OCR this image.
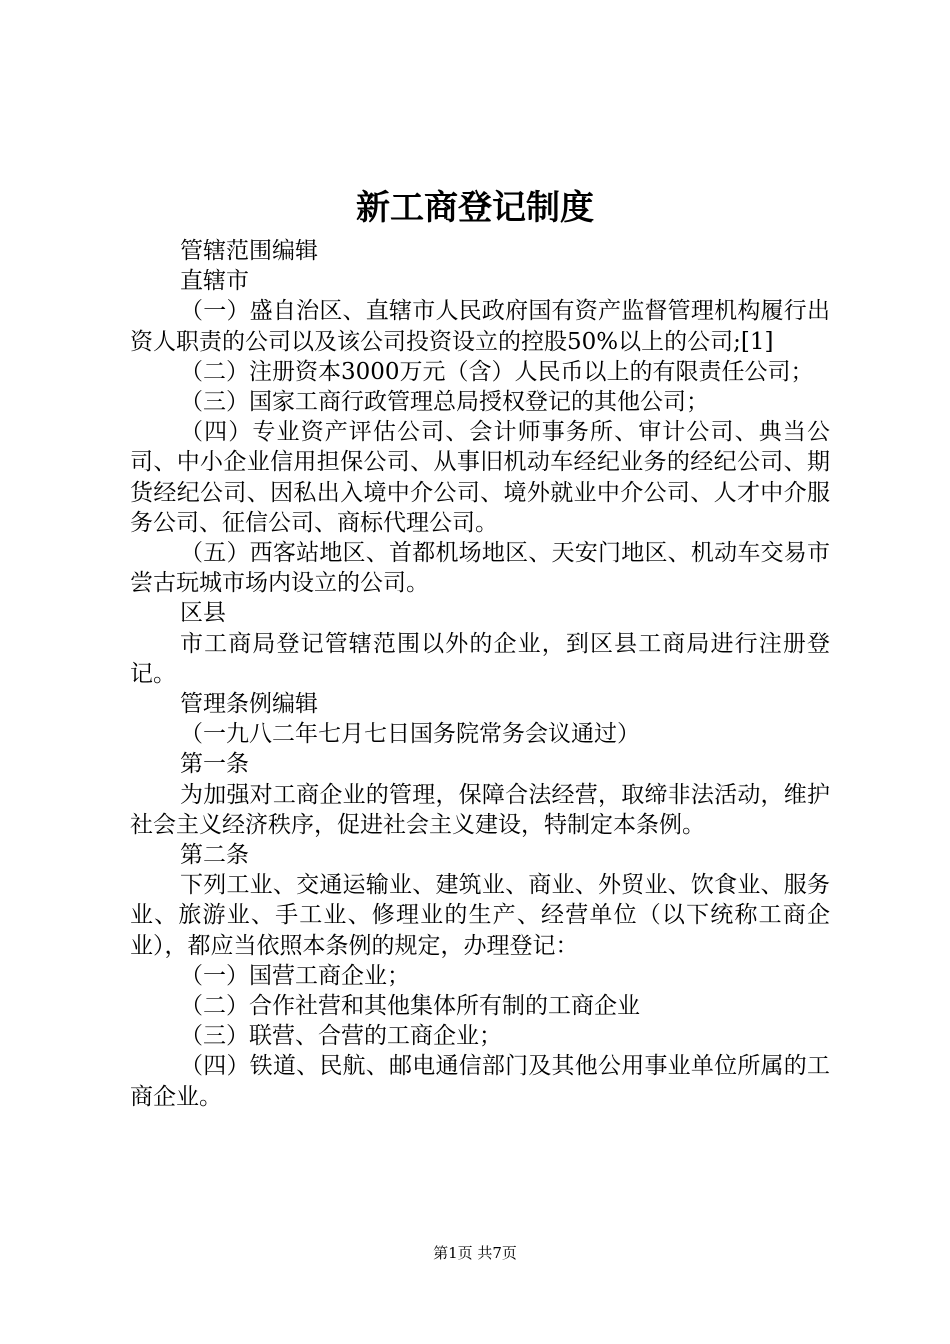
新工商登记制度

管辖范围编辑

直辖市

（一）盛自治区、直辖市人民政府国有资产监督管理机构履行出资人职责的公司以及该公司投资设立的控股50%以上的公司;[1]

（二）注册资本3000万元（含）人民币以上的有限责任公司；

（三）国家工商行政管理总局授权登记的其他公司；

（四）专业资产评估公司、会计师事务所、审计公司、典当公司、中小企业信用担保公司、从事旧机动车经纪业务的经纪公司、期货经纪公司、因私出入境中介公司、境外就业中介公司、人才中介服务公司、征信公司、商标代理公司。

（五）西客站地区、首都机场地区、天安门地区、机动车交易市尝古玩城市场内设立的公司。

区县

市工商局登记管辖范围以外的企业，到区县工商局进行注册登记。

管理条例编辑

（一九八二年七月七日国务院常务会议通过）

第一条

为加强对工商企业的管理，保障合法经营，取缔非法活动，维护社会主义经济秩序，促进社会主义建设，特制定本条例。

第二条

下列工业、交通运输业、建筑业、商业、外贸业、饮食业、服务业、旅游业、手工业、修理业的生产、经营单位（以下统称工商企业），都应当依照本条例的规定，办理登记：

（一）国营工商企业；

（二）合作社营和其他集体所有制的工商企业

（三）联营、合营的工商企业；

（四）铁道、民航、邮电通信部门及其他公用事业单位所属的工商企业。

第1页 共7页
